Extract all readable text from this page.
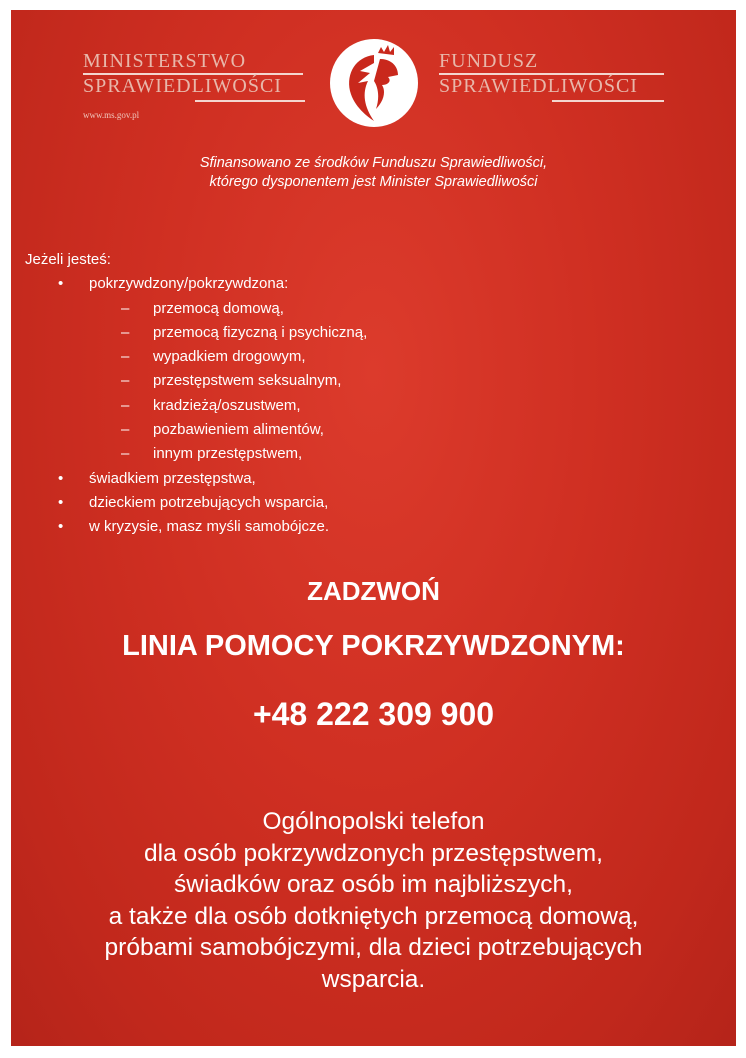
MINISTERSTWO
SPRAWIEDLIWOŚCI
www.ms.gov.pl
FUNDUSZ
SPRAWIEDLIWOŚCI
Sfinansowano ze środków Funduszu Sprawiedliwości,
którego dysponentem jest Minister Sprawiedliwości

Jeżeli jesteś:

• pokrzywdzony/pokrzywdzona:
– przemocą domową,
– przemocą fizyczną i psychiczną,
– wypadkiem drogowym,
– przestępstwem seksualnym,
– kradzieżą/oszustwem,
– pozbawieniem alimentów,
– innym przestępstwem,
• świadkiem przestępstwa,
• dzieckiem potrzebujących wsparcia,
• w kryzysie, masz myśli samobójcze.
ZADZWOŃ
LINIA POMOCY POKRZYWDZONYM:
+48 222 309 900
Ogólnopolski telefon
dla osób pokrzywdzonych przestępstwem,
świadków oraz osób im najbliższych,
a także dla osób dotkniętych przemocą domową,
próbami samobójczymi, dla dzieci potrzebujących
wsparcia.
